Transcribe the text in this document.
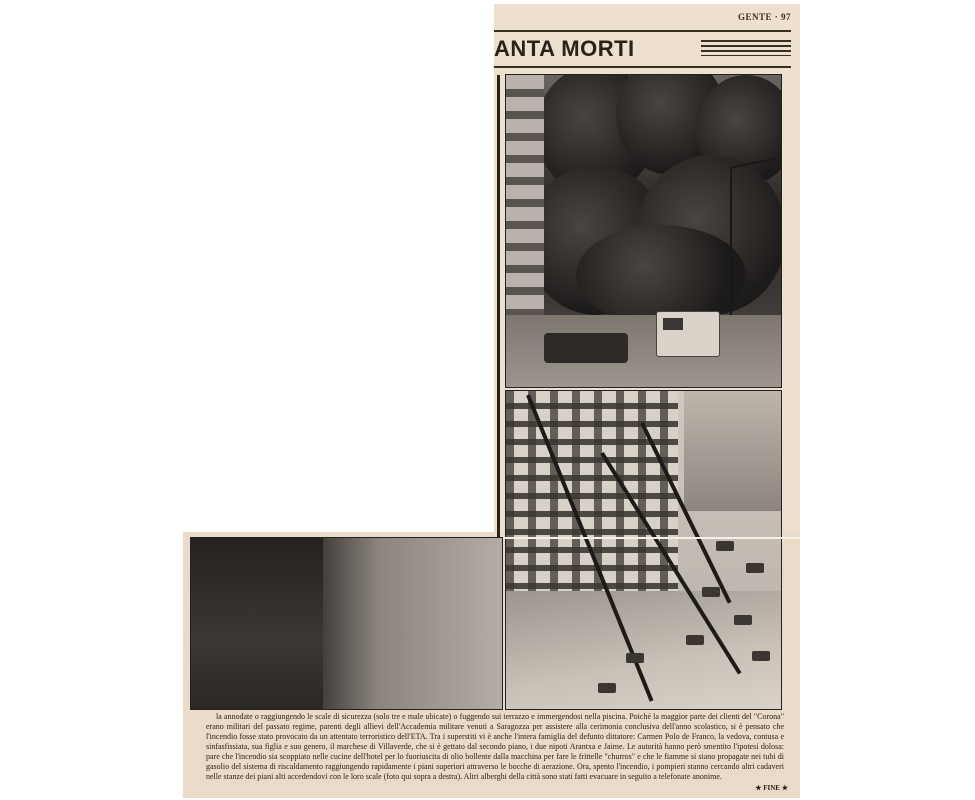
GENTE · 97
ANTA MORTI
la annodate o raggiungendo le scale di sicurezza (solo tre e male ubicate) o fuggendo sui terrazzo e immergendosi nella piscina. Poiché la maggior parte dei clienti del "Corona" erano militari del passato regime, parenti degli allievi dell'Accademia militare venuti a Saragozza per assistere alla cerimonia conclusiva dell'anno scolastico, si è pensato che l'incendio fosse stato provocato da un attentato terroristico dell'ETA. Tra i superstiti vi è anche l'intera famiglia del defunto dittatore: Carmen Polo de Franco, la vedova, contusa e sinfasfissiata, sua figlia e suo genero, il marchese di Villaverde, che si è gettato dal secondo piano, i due nipoti Arantxa e Jaime. Le autorità hanno però smentito l'ipotesi dolosa: pare che l'incendio sia scoppiato nelle cucine dell'hotel per lo fuoriuscita di olio bollente dalla macchina per fare le frittelle "churros" e che le fiamme si siano propagate nei tubi di gasolio del sistema di riscaldamento raggiungendo rapidamente i piani superiori attraverso le bocche di aerazione. Ora, spento l'incendio, i pompieri stanno cercando altri cadaveri nelle stanze dei piani alti accedendovi con le loro scale (foto qui sopra a destra). Altri alberghi della città sono stati fatti evacuare in seguito a telefonate anonime.
★ FINE ★
